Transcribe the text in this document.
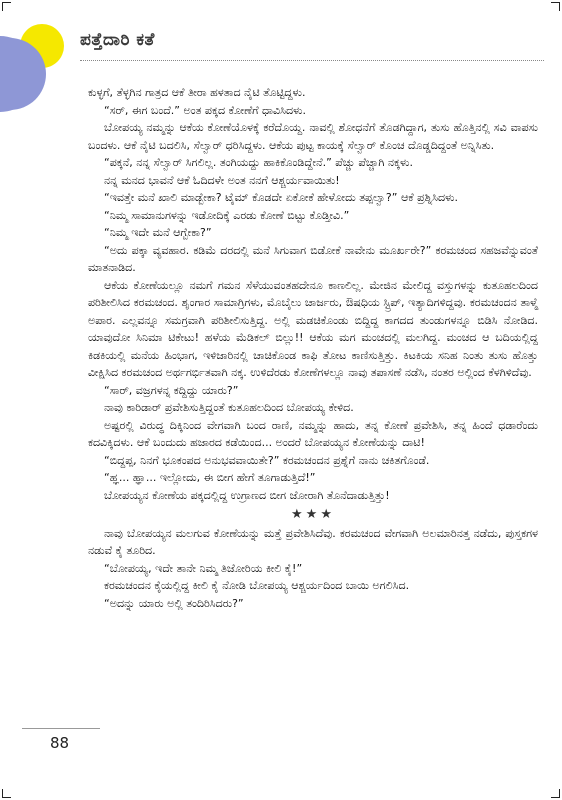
ಪತ್ತೆದಾರಿ ಕತೆ

ಕುಳ್ಳಗೆ, ತೆಳ್ಳಗಿನ ಗಾತ್ರದ ಆಕೆ ತೀರಾ ಹಳತಾದ ನೈಟಿ ತೊಟ್ಟಿದ್ದಳು.

“ಸರ್, ಈಗ ಬಂದೆ.” ಅಂತ ಪಕ್ಕದ ಕೋಣೆಗೆ ಧಾವಿಸಿದಳು.

ಬೋಪಯ್ಯ ನಮ್ಮನ್ನು ಆಕೆಯ ಕೋಣೆಯೊಳಕ್ಕೆ ಕರೆದೊಯ್ದ. ನಾವಲ್ಲಿ ಶೋಧನೆಗೆ ತೊಡಗಿದ್ದಾಗ, ತುಸು ಹೊತ್ತಿನಲ್ಲಿ ಸವಿ ವಾಪಸು ಬಂದಳು. ಆಕೆ ನೈಟಿ ಬದಲಿಸಿ, ಸೆಲ್ವಾರ್ ಧರಿಸಿದ್ದಳು. ಆಕೆಯ ಪುಟ್ಟ ಕಾಯಕ್ಕೆ ಸೆಲ್ವಾರ್ ಕೊಂಚ ದೊಡ್ಡದಿದ್ದಂತೆ ಅನ್ನಿಸಿತು.

“ಪಕ್ಕನೆ, ನನ್ನ ಸೆಲ್ವಾರ್ ಸಿಗಲಿಲ್ಲ. ತಂಗಿಯದ್ದು ಹಾಕಿಕೊಂಡಿದ್ದೇನೆ.” ಪೆಚ್ಚು ಪೆಚ್ಚಾಗಿ ನಕ್ಕಳು.

ನನ್ನ ಮನದ ಭಾವನೆ ಆಕೆ ಓದಿದಳೇ ಅಂತ ನನಗೆ ಆಶ್ಚರ್ಯವಾಯಿತು!

“ಇವತ್ತೇ ಮನೆ ಖಾಲಿ ಮಾಡ್ಬೇಕಾ? ಟೈಮ್ ಕೊಡದೇ ಏಕೋಕೆ ಹೇಳೋದು ತಪ್ಪಲ್ವಾ?” ಆಕೆ ಪ್ರಶ್ನಿಸಿದಳು.

“ನಿಮ್ಮ ಸಾಮಾನುಗಳನ್ನು ಇಡೋದಿಕ್ಕೆ ಎರಡು ಕೋಣೆ ಬಿಟ್ಟು ಕೊಡ್ತೀವಿ.”

“ನಿಮ್ಮ ಇದೇ ಮನೆ ಆಗ್ಬೇಕಾ?”

“ಅದು ಪಕ್ಕಾ ವ್ಯವಹಾರ. ಕಡಿಮೆ ದರದಲ್ಲಿ ಮನೆ ಸಿಗುವಾಗ ಬಿಡೋಕೆ ನಾವೇನು ಮೂರ್ಖರೇ?” ಕರಮಚಂದ ಸಹಜವೆನ್ನುವಂತೆ ಮಾತನಾಡಿದ.

ಆಕೆಯ ಕೋಣೆಯಲ್ಲೂ ನಮಗೆ ಗಮನ ಸೆಳೆಯುವಂತಹದೇನೂ ಕಾಣಲಿಲ್ಲ. ಮೇಜಿನ ಮೇಲಿದ್ದ ವಸ್ತುಗಳನ್ನು ಕುತೂಹಲದಿಂದ ಪರಿಶೀಲಿಸಿದ ಕರಮಚಂದ. ಶೃಂಗಾರ ಸಾಮಾಗ್ರಿಗಳು, ಮೊಬೈಲು ಚಾರ್ಜರು, ಔಷಧಿಯ ಸ್ಟ್ರಿಪ್, ಇತ್ಯಾದಿಗಳಿದ್ದವು. ಕರಮಚಂದನ ತಾಳ್ಮೆ ಅಪಾರ. ಎಲ್ಲವನ್ನೂ ಸಮಗ್ರವಾಗಿ ಪರಿಶೀಲಿಸುತ್ತಿದ್ದ. ಅಲ್ಲಿ ಮಡಚಿಕೊಂಡು ಬಿದ್ದಿದ್ದ ಕಾಗದದ ತುಂಡುಗಳನ್ನೂ ಬಿಡಿಸಿ ನೋಡಿದ. ಯಾವುದೋ ಸಿನಿಮಾ ಟಿಕೇಟು! ಹಳೆಯ ಮೆಡಿಕಲ್ ಬಿಲ್ಲು!! ಆಕೆಯ ಮಗ ಮಂಚದಲ್ಲಿ ಮಲಗಿದ್ದ. ಮಂಚದ ಆ ಬದಿಯಲ್ಲಿದ್ದ ಕಿಡಕಿಯಲ್ಲಿ ಮನೆಯ ಹಿಂಭಾಗ, ಇಳಿಜಾರಿನಲ್ಲಿ ಚಾಚಿಕೊಂಡ ಕಾಫಿ ತೋಟ ಕಾಣಿಸುತ್ತಿತ್ತು. ಕಿಟಕಿಯ ಸನಿಹ ನಿಂತು ತುಸು ಹೊತ್ತು ವೀಕ್ಷಿಸಿದ ಕರಮಚಂದ ಅರ್ಥಗರ್ಭಿತವಾಗಿ ನಕ್ಕ. ಉಳಿದೆರಡು ಕೋಣೆಗಳಲ್ಲೂ ನಾವು ತಪಾಸಣೆ ನಡೆಸಿ, ನಂತರ ಅಲ್ಲಿಂದ ಕೆಳಗಿಳಿದೆವು.

“ಸಾರ್, ವಜ್ರಗಳನ್ನ ಕದ್ದಿದ್ದು ಯಾರು?”

ನಾವು ಕಾರಿಡಾರ್ ಪ್ರವೇಶಿಸುತ್ತಿದ್ದಂತೆ ಕುತೂಹಲದಿಂದ ಬೋಪಯ್ಯ ಕೇಳಿದ.

ಅಷ್ಟರಲ್ಲಿ ವಿರುದ್ಧ ದಿಕ್ಕಿನಿಂದ ವೇಗವಾಗಿ ಬಂದ ರಾಣಿ, ನಮ್ಮನ್ನು ಹಾದು, ತನ್ನ ಕೋಣೆ ಪ್ರವೇಶಿಸಿ, ತನ್ನ ಹಿಂದೆ ಧಡಾರೆಂದು ಕದವಿಕ್ಕಿದಳು. ಆಕೆ ಬಂದುದು ಹಜಾರದ ಕಡೆಯಿಂದ... ಅಂದರೆ ಬೋಪಯ್ಯನ ಕೋಣೆಯನ್ನು ದಾಟಿ!

“ಬಿದ್ದಪ್ಪ, ನಿನಗೆ ಭೂಕಂಪದ ಅನುಭವವಾಯಿತೇ?” ಕರಮಚಂದನ ಪ್ರಶ್ನೆಗೆ ನಾನು ಚಕಿತಗೊಂಡೆ.

“ಹ್ಞ... ಹ್ಞಾ... ಇಲ್ಲೋದು, ಈ ಬೀಗ ಹೇಗೆ ತೂಗಾಡುತ್ತಿದೆ!”

ಬೋಪಯ್ಯನ ಕೋಣೆಯ ಪಕ್ಕದಲ್ಲಿದ್ದ ಉಗ್ರಾಣದ ಬೀಗ ಜೋರಾಗಿ ತೊನೆದಾಡುತ್ತಿತ್ತು!

★★★

ನಾವು ಬೋಪಯ್ಯನ ಮಲಗುವ ಕೋಣೆಯನ್ನು ಮತ್ತೆ ಪ್ರವೇಶಿಸಿದೆವು. ಕರಮಚಂದ ವೇಗವಾಗಿ ಅಲಮಾರಿನತ್ತ ನಡೆದು, ಪುಸ್ತಕಗಳ ನಡುವೆ ಕೈ ತೂರಿದ.

“ಬೋಪಯ್ಯ, ಇದೇ ತಾನೇ ನಿಮ್ಮ ತಿಜೋರಿಯ ಕೀಲಿ ಕೈ!”

ಕರಮಚಂದನ ಕೈಯಲ್ಲಿದ್ದ ಕೀಲಿ ಕೈ ನೋಡಿ ಬೋಪಯ್ಯ ಆಶ್ಚರ್ಯದಿಂದ ಬಾಯಿ ಅಗಲಿಸಿದ.

“ಅದನ್ನು ಯಾರು ಅಲ್ಲಿ ತಂದಿರಿಸಿದರು?”

88
